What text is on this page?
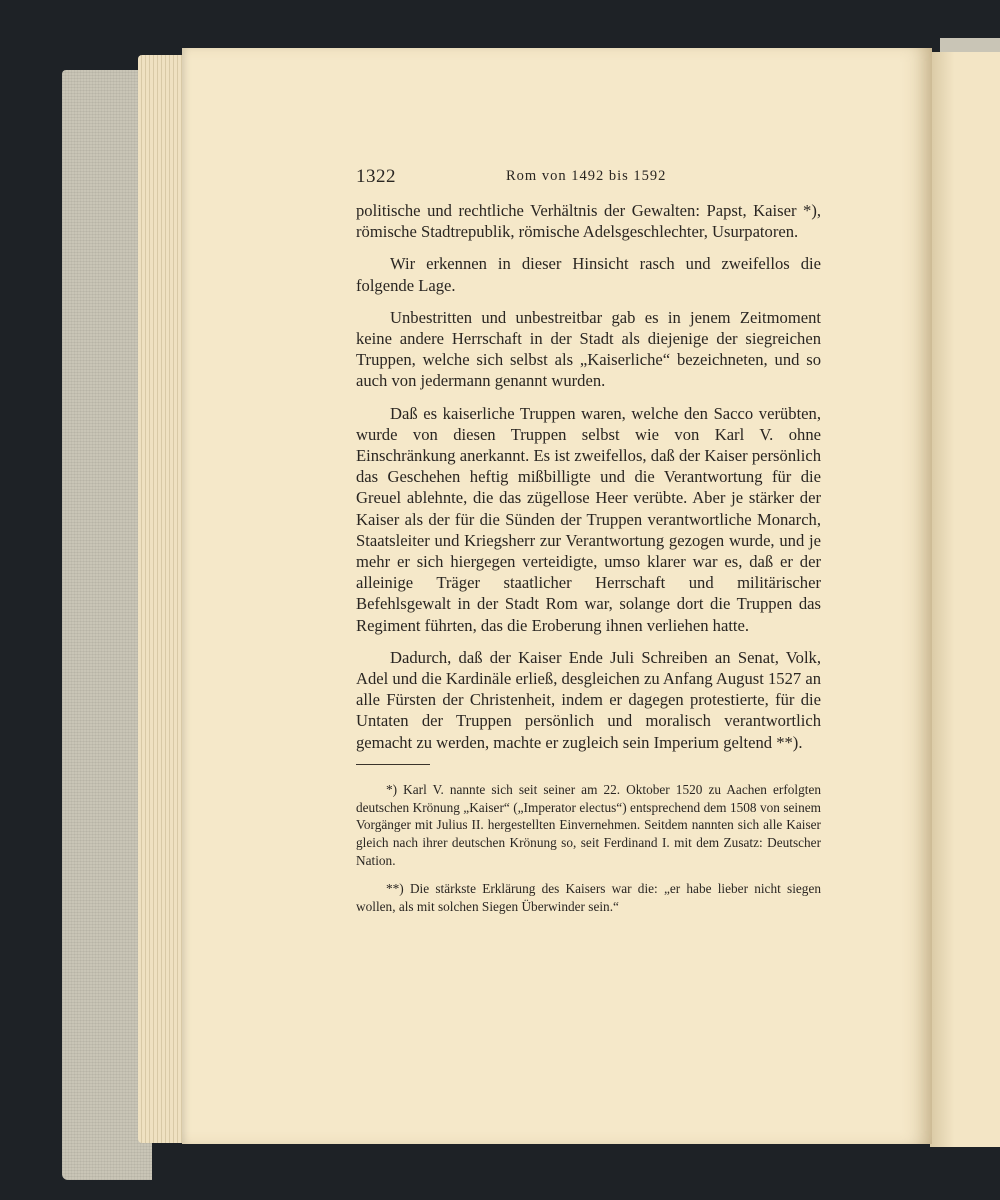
1322	Rom von 1492 bis 1592

politische und rechtliche Verhältnis der Gewalten: Papst, Kaiser *), römische Stadtrepublik, römische Adelsgeschlechter, Usurpatoren.

Wir erkennen in dieser Hinsicht rasch und zweifellos die folgende Lage.

Unbestritten und unbestreitbar gab es in jenem Zeitmoment keine andere Herrschaft in der Stadt als diejenige der siegreichen Truppen, welche sich selbst als „Kaiserliche“ bezeichneten, und so auch von jedermann genannt wurden.

Daß es kaiserliche Truppen waren, welche den Sacco verübten, wurde von diesen Truppen selbst wie von Karl V. ohne Einschränkung anerkannt. Es ist zweifellos, daß der Kaiser persönlich das Geschehen heftig mißbilligte und die Verantwortung für die Greuel ablehnte, die das zügellose Heer verübte. Aber je stärker der Kaiser als der für die Sünden der Truppen verantwortliche Monarch, Staatsleiter und Kriegsherr zur Verantwortung gezogen wurde, und je mehr er sich hiergegen verteidigte, umso klarer war es, daß er der alleinige Träger staatlicher Herrschaft und militärischer Befehlsgewalt in der Stadt Rom war, solange dort die Truppen das Regiment führten, das die Eroberung ihnen verliehen hatte.

Dadurch, daß der Kaiser Ende Juli Schreiben an Senat, Volk, Adel und die Kardinäle erließ, desgleichen zu Anfang August 1527 an alle Fürsten der Christenheit, indem er dagegen protestierte, für die Untaten der Truppen persönlich und moralisch verantwortlich gemacht zu werden, machte er zugleich sein Imperium geltend **).

*) Karl V. nannte sich seit seiner am 22. Oktober 1520 zu Aachen erfolgten deutschen Krönung „Kaiser“ („Imperator electus“) entsprechend dem 1508 von seinem Vorgänger mit Julius II. hergestellten Einvernehmen. Seitdem nannten sich alle Kaiser gleich nach ihrer deutschen Krönung so, seit Ferdinand I. mit dem Zusatz: Deutscher Nation.

**) Die stärkste Erklärung des Kaisers war die: „er habe lieber nicht siegen wollen, als mit solchen Siegen Überwinder sein.“
